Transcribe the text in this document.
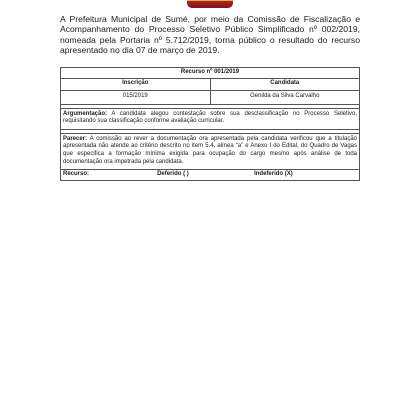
A Prefeitura Municipal de Sumé, por meio da Comissão de Fiscalização e Acompanhamento do Processo Seletivo Público Simplificado nº 002/2019, nomeada pela Portaria nº 5.712/2019, torna público o resultado do recurso apresentado no dia 07 de março de 2019.

Recurso nº 001/2019	
Inscrição	Candidata
015/2019	Genilda da Silva Carvalho

Argumentação: A candidata alegou contestação sobre sua desclassificação no Processo Seletivo, requisitando sua classificação conforme avaliação curricular.	

Parecer: A comissão ao rever a documentação ora apresentada pela candidata verificou que a titulação apresentada não atende ao critério descrito no item 5.4, alínea “a” e Anexo I do Edital, do Quadro de Vagas que especifica a formação mínima exigida para ocupação do cargo mesmo após análise de toda documentação ora impetrada pela candidata.	

Recurso: Deferido ( ) Indeferido (X)	
